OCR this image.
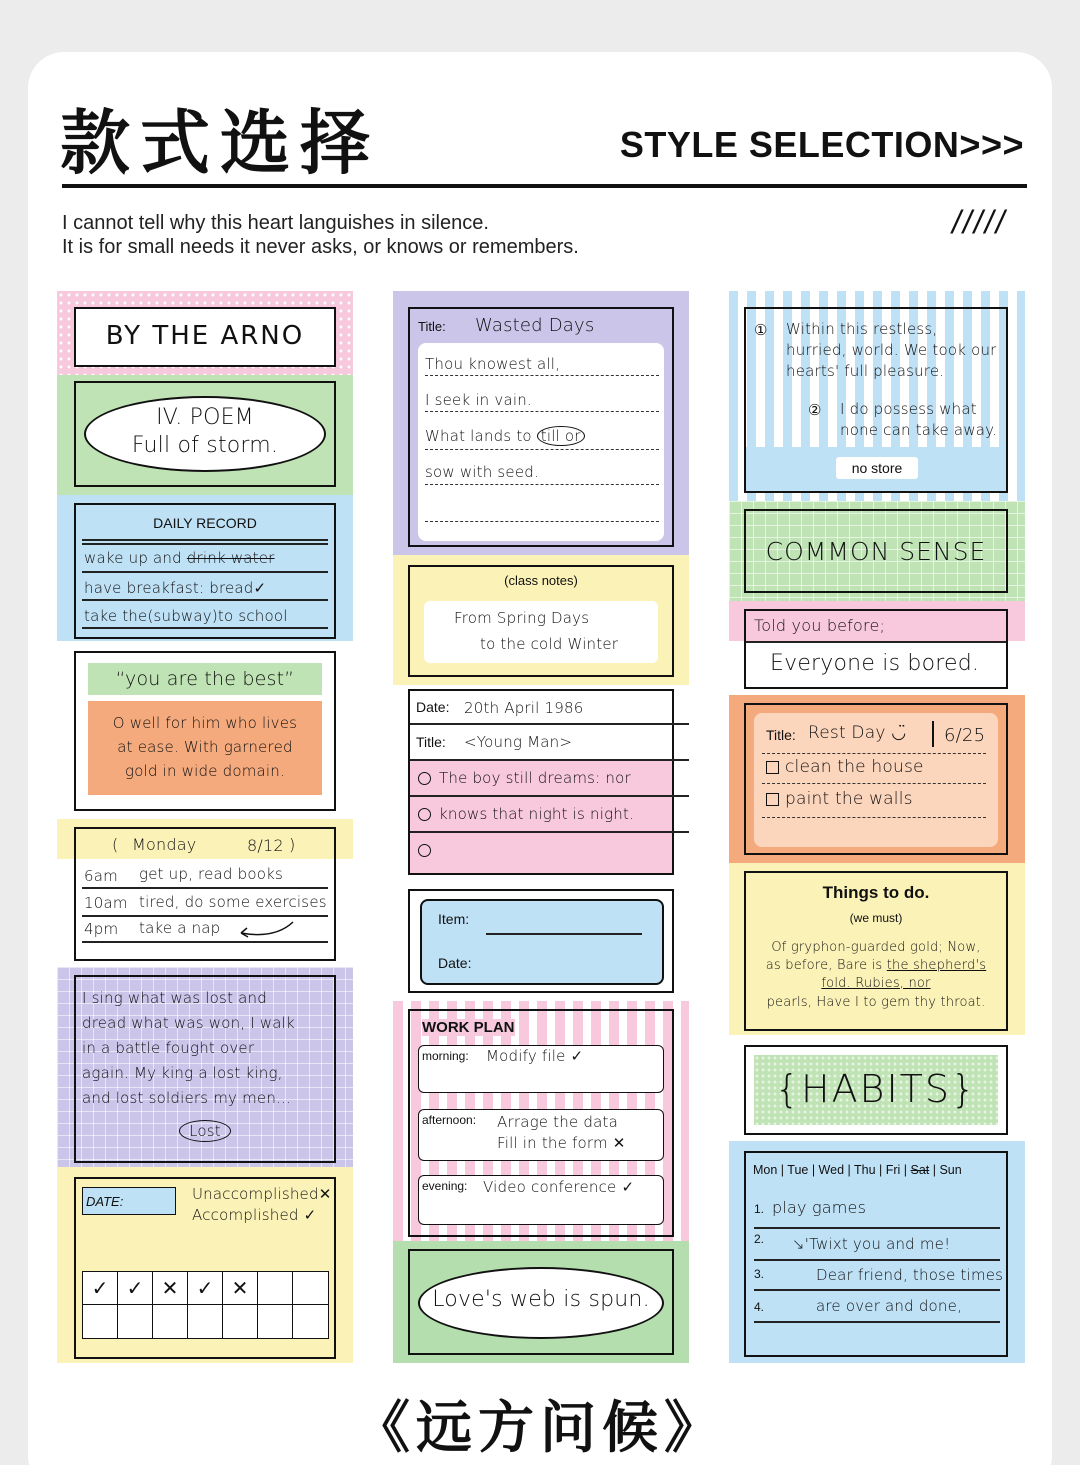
款式选择	STYLE SELECTION>>>
I cannot tell why this heart languishes in silence.
It is for small needs it never asks, or knows or remembers.
/////
BY THE ARNO
IV. POEM
Full of storm.
DAILY RECORD
wake up and drink water
have breakfast: bread✓
take the(subway)to school
“you are the best”
O well for him who lives
at ease. With garnered
gold in wide domain.
( Monday	8/12 )
6am get up, read books
10am tired, do some exercises
4pm take a nap
I sing what was lost and
dread what was won, I walk
in a battle fought over
again. My king a lost king,
and lost soldiers my men...
Lost
DATE:	Unaccomplished✕
Accomplished ✓
✓ ✓ ✕ ✓ ✕
Title: Wasted Days
Thou knowest all,
I seek in vain.
What lands to till or
sow with seed.
(class notes)
From Spring Days
to the cold Winter
Date: 20th April 1986
Title: <Young Man>
The boy still dreams: nor
knows that night is night.
Item:
Date:
WORK PLAN
morning: Modify file ✓
afternoon: Arrage the data
Fill in the form ✕
evening: Video conference ✓
Love's web is spun.
① Within this restless,
hurried, world. We took our
hearts' full pleasure.
② I do possess what
none can take away.
no store
COMMON SENSE
Told you before;
Everyone is bored.
Title: Rest Day ◡̈ 6/25
clean the house
paint the walls
Things to do.
(we must)
Of gryphon-guarded gold; Now,
as before, Bare is the shepherd's
fold. Rubies, nor
pearls, Have I to gem thy throat.
{HABITS}
Mon | Tue | Wed | Thu | Fri | Sat | Sun
1. play games
2. ↘'Twixt you and me!
3.	Dear friend, those times
4.	are over and done,
《远方问候》
